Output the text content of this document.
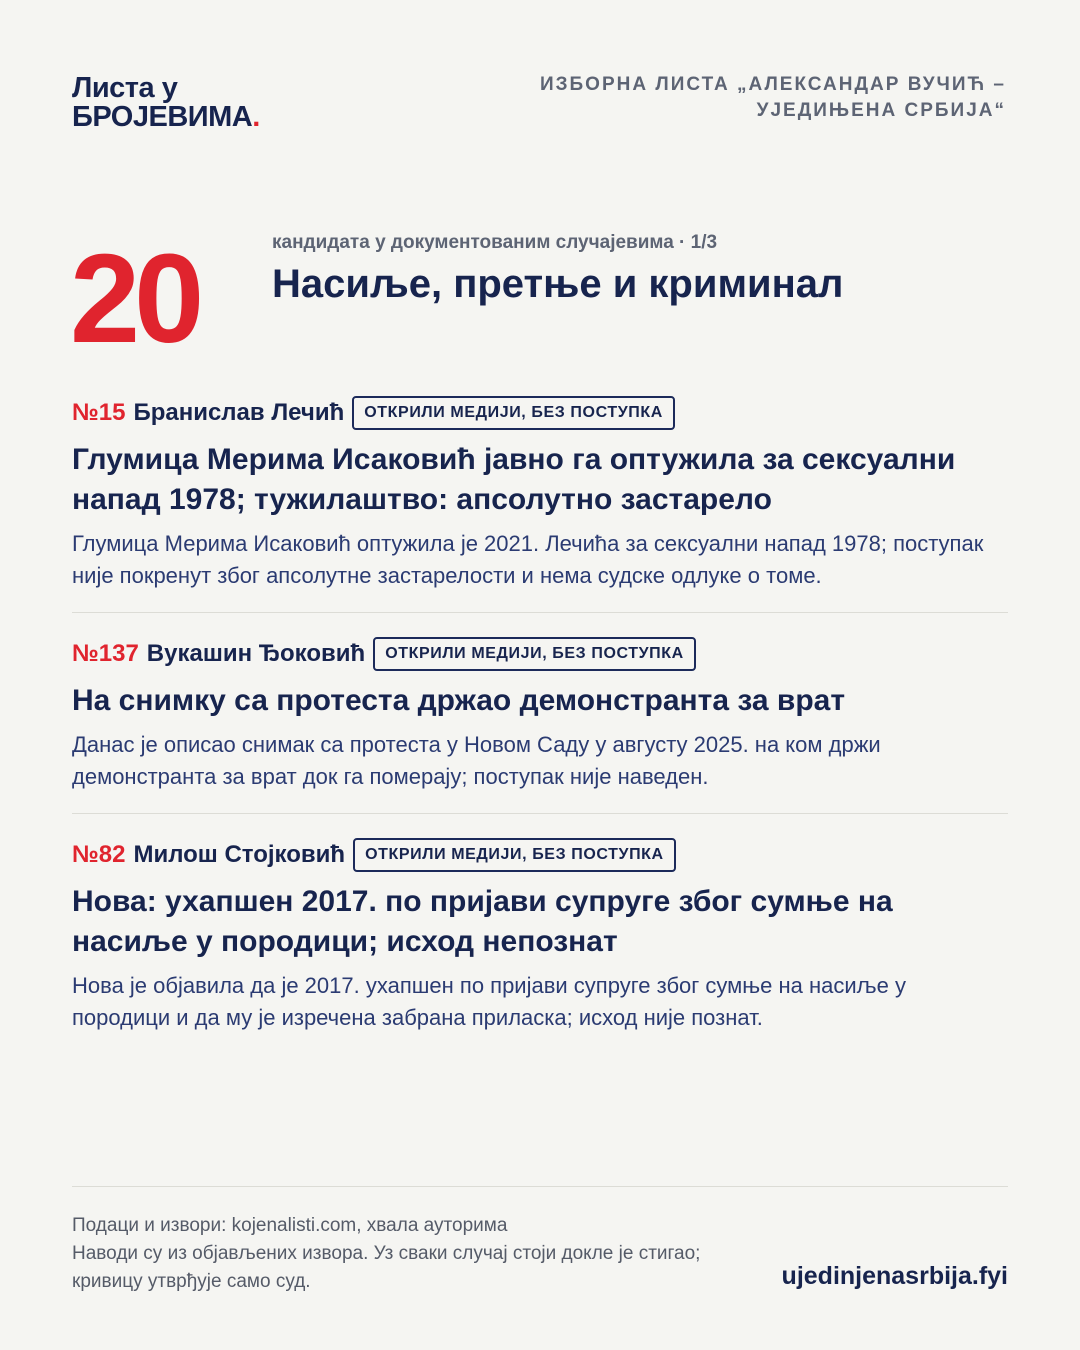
Листа у
БРОЈЕВИМА.
ИЗБОРНА ЛИСТА „АЛЕКСАНДАР ВУЧИЋ – УЈЕДИЊЕНА СРБИЈА“
20	кандидата у документованим случајевима · 1/3
Насиље, претње и криминал
№15 Бранислав Лечић	ОТКРИЛИ МЕДИЈИ, БЕЗ ПОСТУПКА
Глумица Мерима Исаковић јавно га оптужила за сексуални напад 1978; тужилаштво: апсолутно застарело
Глумица Мерима Исаковић оптужила је 2021. Лечића за сексуални напад 1978; поступак није покренут због апсолутне застарелости и нема судске одлуке о томе.
№137 Вукашин Ђоковић	ОТКРИЛИ МЕДИЈИ, БЕЗ ПОСТУПКА
На снимку са протеста држао демонстранта за врат
Данас је описао снимак са протеста у Новом Саду у августу 2025. на ком држи демонстранта за врат док га померају; поступак није наведен.
№82 Милош Стојковић	ОТКРИЛИ МЕДИЈИ, БЕЗ ПОСТУПКА
Нова: ухапшен 2017. по пријави супруге због сумње на насиље у породици; исход непознат
Нова је објавила да је 2017. ухапшен по пријави супруге због сумње на насиље у породици и да му је изречена забрана приласка; исход није познат.
Подаци и извори: kojenalisti.com, хвала ауторима
Наводи су из објављених извора. Уз сваки случај стоји докле је стигао; кривицу утврђује само суд.	ujedinjenasrbija.fyi
